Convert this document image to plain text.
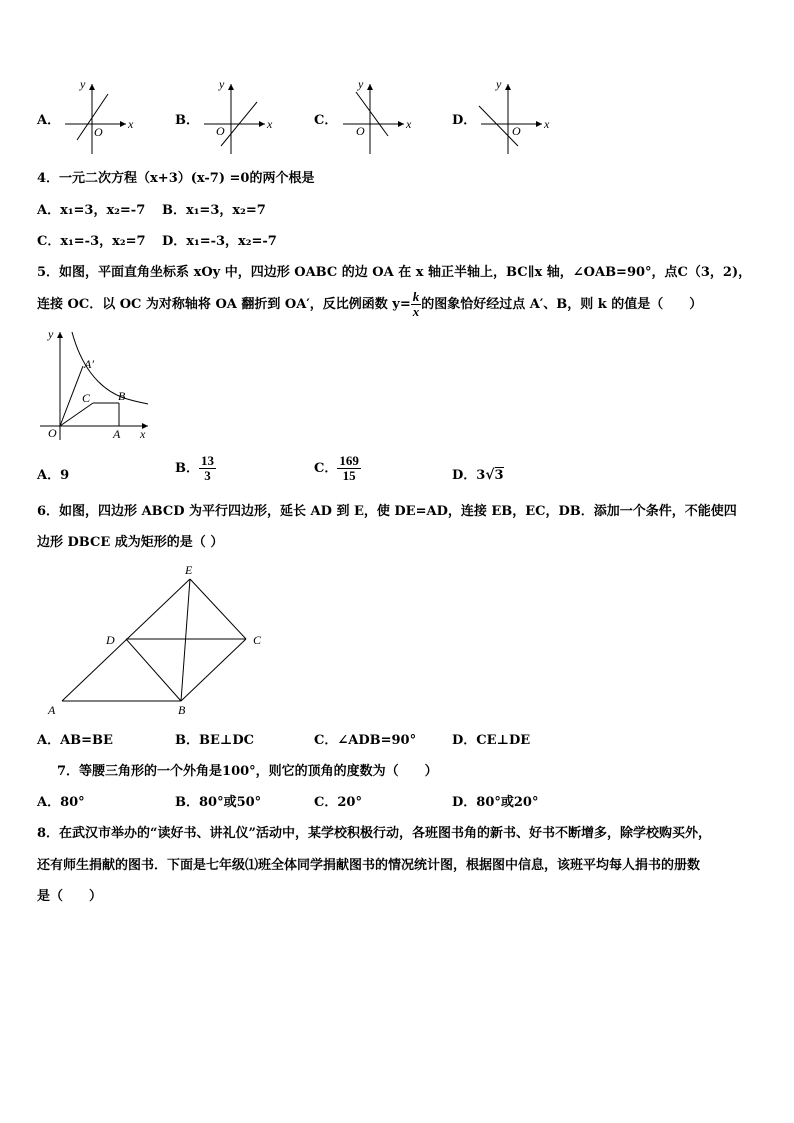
A．
y
x
O
B．
y
x
O
C．
y
x
O
D．
y
x
O
4．一元二次方程（x+3）(x-7) =0的两个根是
A．x₁=3，x₂=-7 B．x₁=3，x₂=7
C．x₁=-3，x₂=7 D．x₁=-3，x₂=-7
5．如图，平面直角坐标系 xOy 中，四边形 OABC 的边 OA 在 x 轴正半轴上，BC∥x 轴，∠OAB=90°，点C（3，2)，
连接 OC．以 OC 为对称轴将 OA 翻折到 OA′，反比例函数 $y= \frac{k}{x}$ 的图象恰好经过点 A′、B，则 k 的值是（　　）
y
x
O	A
B
C
A′
A．9	B． $\frac{13}{3}$	C． $\frac{169}{15}$	D．3√3
6．如图，四边形 ABCD 为平行四边形，延长 AD 到 E，使 DE=AD，连接 EB，EC，DB．添加一个条件，不能使四
边形 DBCE 成为矩形的是（ ）
E
D	C
A	B
A．AB=BE	B．BE⊥DC	C．∠ADB=90°	D．CE⊥DE
7．等腰三角形的一个外角是100°，则它的顶角的度数为（　　）
A．80°	B．80°或50°	C．20°	D．80°或20°
8．在武汉市举办的“读好书、讲礼仪”活动中，某学校积极行动，各班图书角的新书、好书不断增多，除学校购买外，
还有师生捐献的图书．下面是七年级⑴班全体同学捐献图书的情况统计图，根据图中信息，该班平均每人捐书的册数
是（　　）
